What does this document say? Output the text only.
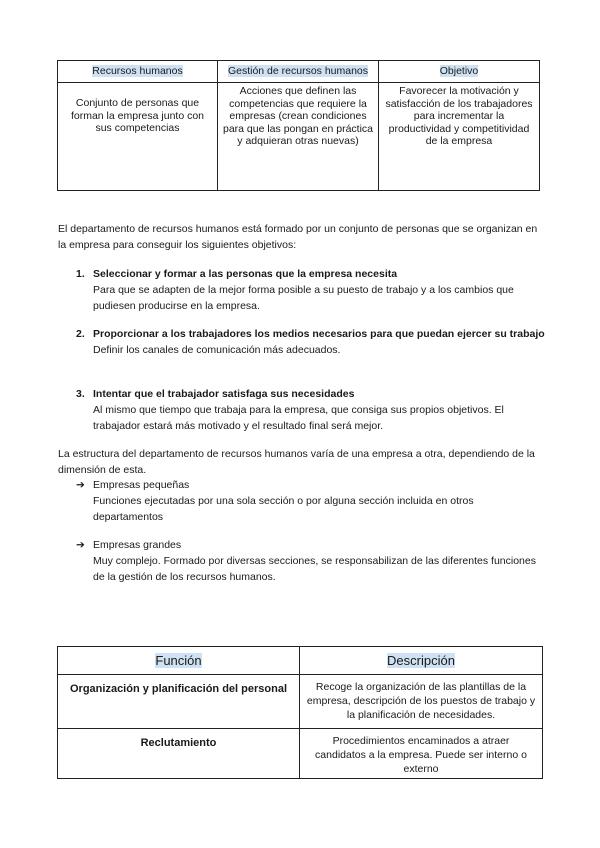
Recursos humanos	Gestión de recursos humanos	Objetivo
Conjunto de personas que forman la empresa junto con sus competencias	Acciones que definen las competencias que requiere la empresas (crean condiciones para que las pongan en práctica y adquieran otras nuevas)	Favorecer la motivación y satisfacción de los trabajadores para incrementar la productividad y competitividad de la empresa

El departamento de recursos humanos está formado por un conjunto de personas que se organizan en la empresa para conseguir los siguientes objetivos:

1. Seleccionar y formar a las personas que la empresa necesita
Para que se adapten de la mejor forma posible a su puesto de trabajo y a los cambios que pudiesen producirse en la empresa.
2. Proporcionar a los trabajadores los medios necesarios para que puedan ejercer su trabajo
Definir los canales de comunicación más adecuados.
3. Intentar que el trabajador satisfaga sus necesidades
Al mismo que tiempo que trabaja para la empresa, que consiga sus propios objetivos. El trabajador estará más motivado y el resultado final será mejor.

La estructura del departamento de recursos humanos varía de una empresa a otra, dependiendo de la dimensión de esta.

➔ Empresas pequeñas
Funciones ejecutadas por una sola sección o por alguna sección incluida en otros departamentos
➔ Empresas grandes
Muy complejo. Formado por diversas secciones, se responsabilizan de las diferentes funciones de la gestión de los recursos humanos.
Función	Descripción
Organización y planificación del personal	Recoge la organización de las plantillas de la empresa, descripción de los puestos de trabajo y la planificación de necesidades.
Reclutamiento	Procedimientos encaminados a atraer candidatos a la empresa. Puede ser interno o externo
